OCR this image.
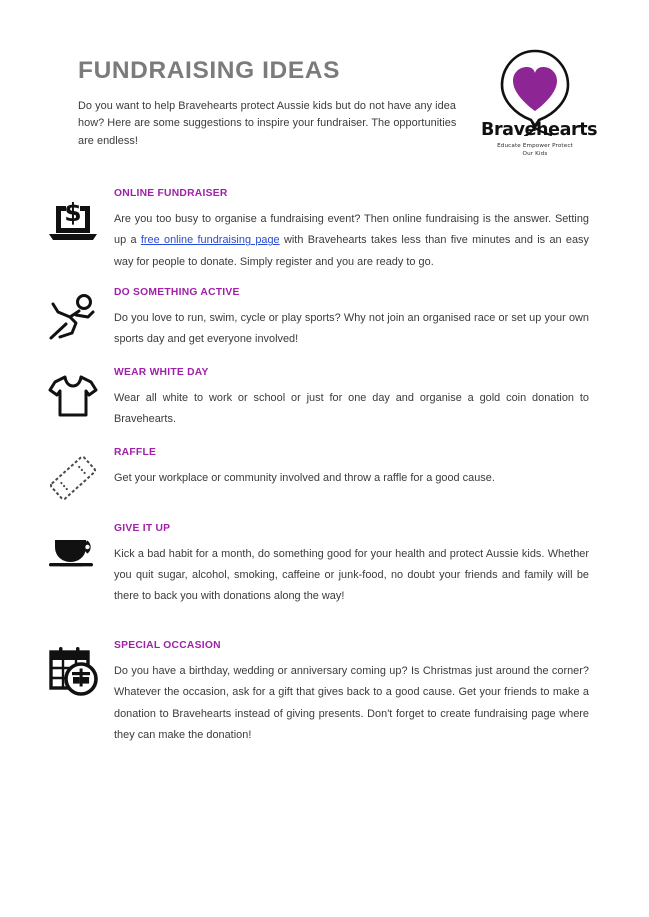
FUNDRAISING IDEAS

Do you want to help Bravehearts protect Aussie kids but do not have any idea how? Here are some suggestions to inspire your fundraiser. The opportunities are endless!

Bravehearts
Educate Empower Protect
Our Kids
$
ONLINE FUNDRAISER

Are you too busy to organise a fundraising event? Then online fundraising is the answer. Setting up a free online fundraising page with Bravehearts takes less than five minutes and is an easy way for people to donate. Simply register and you are ready to go.

DO SOMETHING ACTIVE

Do you love to run, swim, cycle or play sports? Why not join an organised race or set up your own sports day and get everyone involved!

WEAR WHITE DAY

Wear all white to work or school or just for one day and organise a gold coin donation to Bravehearts.

RAFFLE

Get your workplace or community involved and throw a raffle for a good cause.

GIVE IT UP

Kick a bad habit for a month, do something good for your health and protect Aussie kids. Whether you quit sugar, alcohol, smoking, caffeine or junk-food, no doubt your friends and family will be there to back you with donations along the way!

SPECIAL OCCASION

Do you have a birthday, wedding or anniversary coming up? Is Christmas just around the corner? Whatever the occasion, ask for a gift that gives back to a good cause. Get your friends to make a donation to Bravehearts instead of giving presents. Don't forget to create fundraising page where they can make the donation!
